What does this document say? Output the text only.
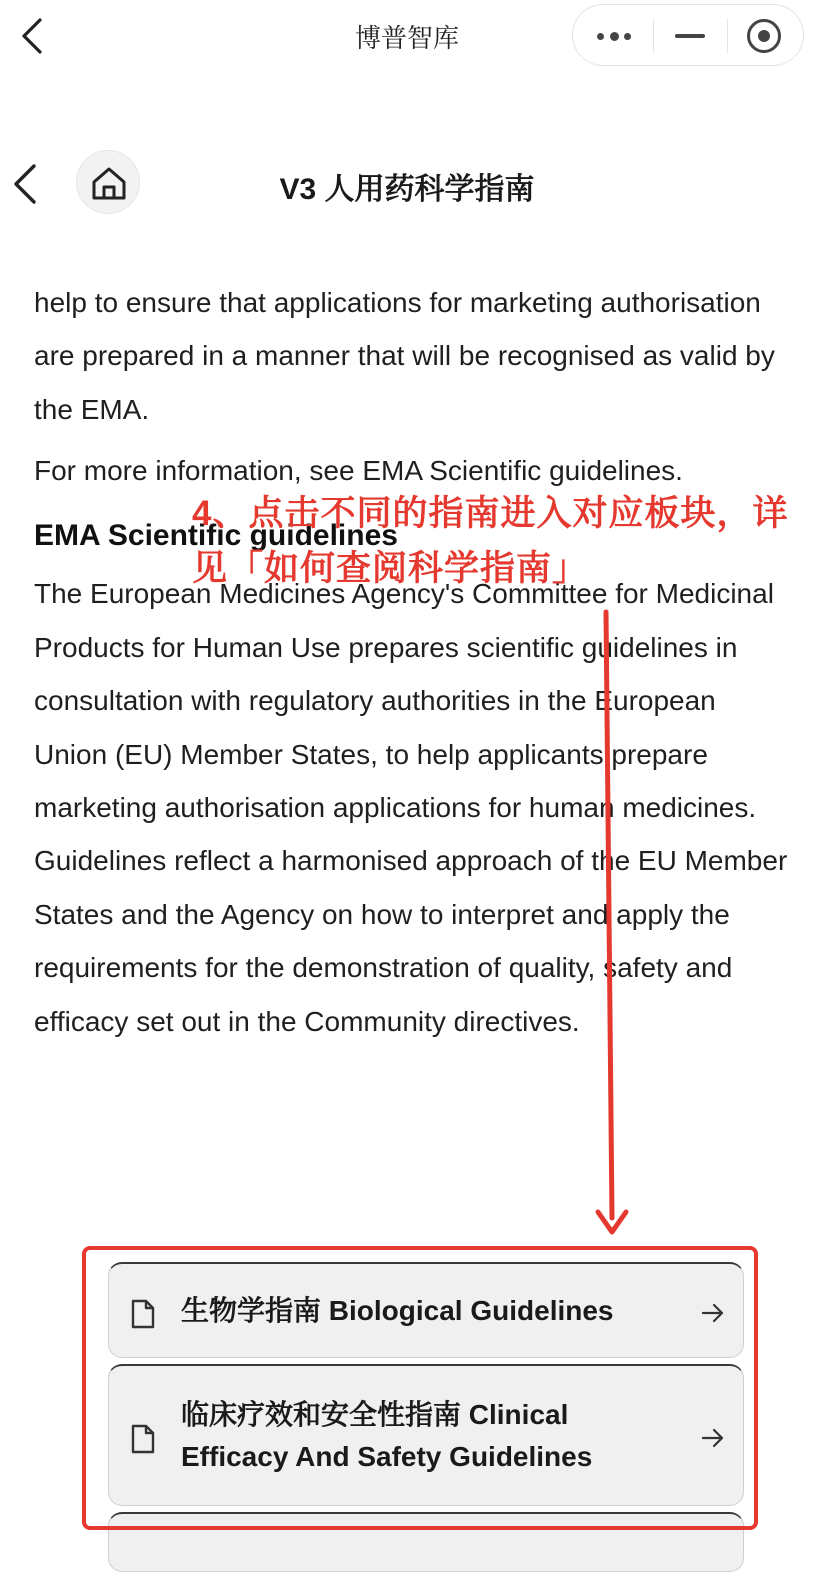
博普智库
V3 人用药科学指南

help to ensure that applications for marketing authorisation are prepared in a manner that will be recognised as valid by the EMA.

For more information, see EMA Scientific guidelines.

EMA Scientific guidelines

The European Medicines Agency's Committee for Medicinal Products for Human Use prepares scientific guidelines in consultation with regulatory authorities in the European Union (EU) Member States, to help applicants prepare marketing authorisation applications for human medicines. Guidelines reflect a harmonised approach of the EU Member States and the Agency on how to interpret and apply the requirements for the demonstration of quality, safety and efficacy set out in the Community directives.

生物学指南 Biological Guidelines
临床疗效和安全性指南 Clinical Efficacy And Safety Guidelines
4、点击不同的指南进入对应板块，详见「如何查阅科学指南」
